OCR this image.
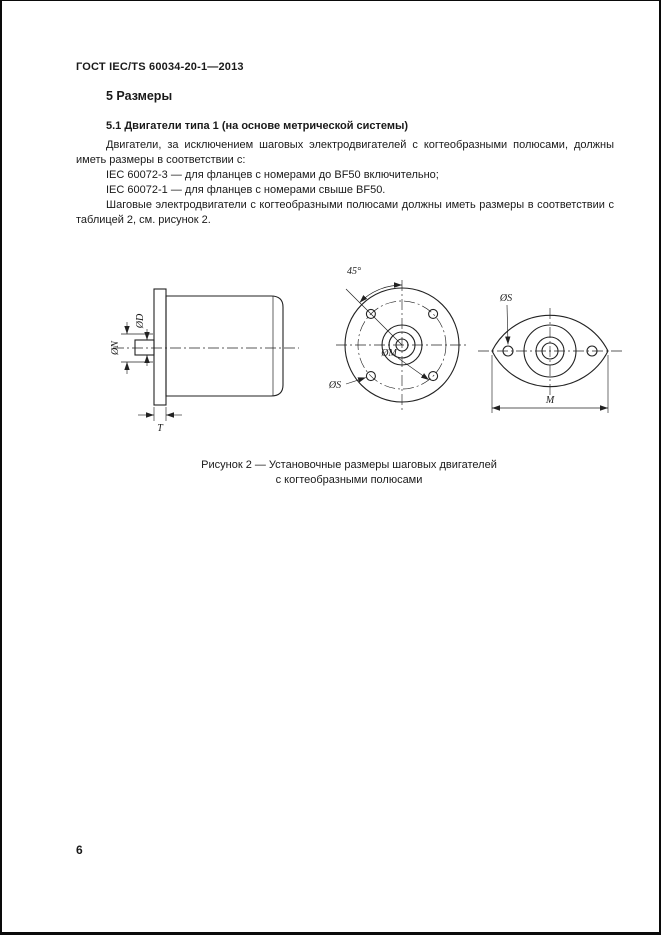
ГОСТ IEC/TS 60034-20-1—2013
5 Размеры
5.1 Двигатели типа 1 (на основе метрической системы)

Двигатели, за исключением шаговых электродвигателей с когтеобразными полюсами, должны иметь размеры в соответствии с:

IEC 60072-3 — для фланцев с номерами до BF50 включительно;

IEC 60072-1 — для фланцев с номерами свыше BF50.

Шаговые электродвигатели с когтеобразными полюсами должны иметь размеры в соответствии с таблицей 2, см. рисунок 2.

ØD
ØN
T
45°
ØM
ØS
ØS
M
Рисунок 2 — Установочные размеры шаговых двигателей
с когтеобразными полюсами
6
